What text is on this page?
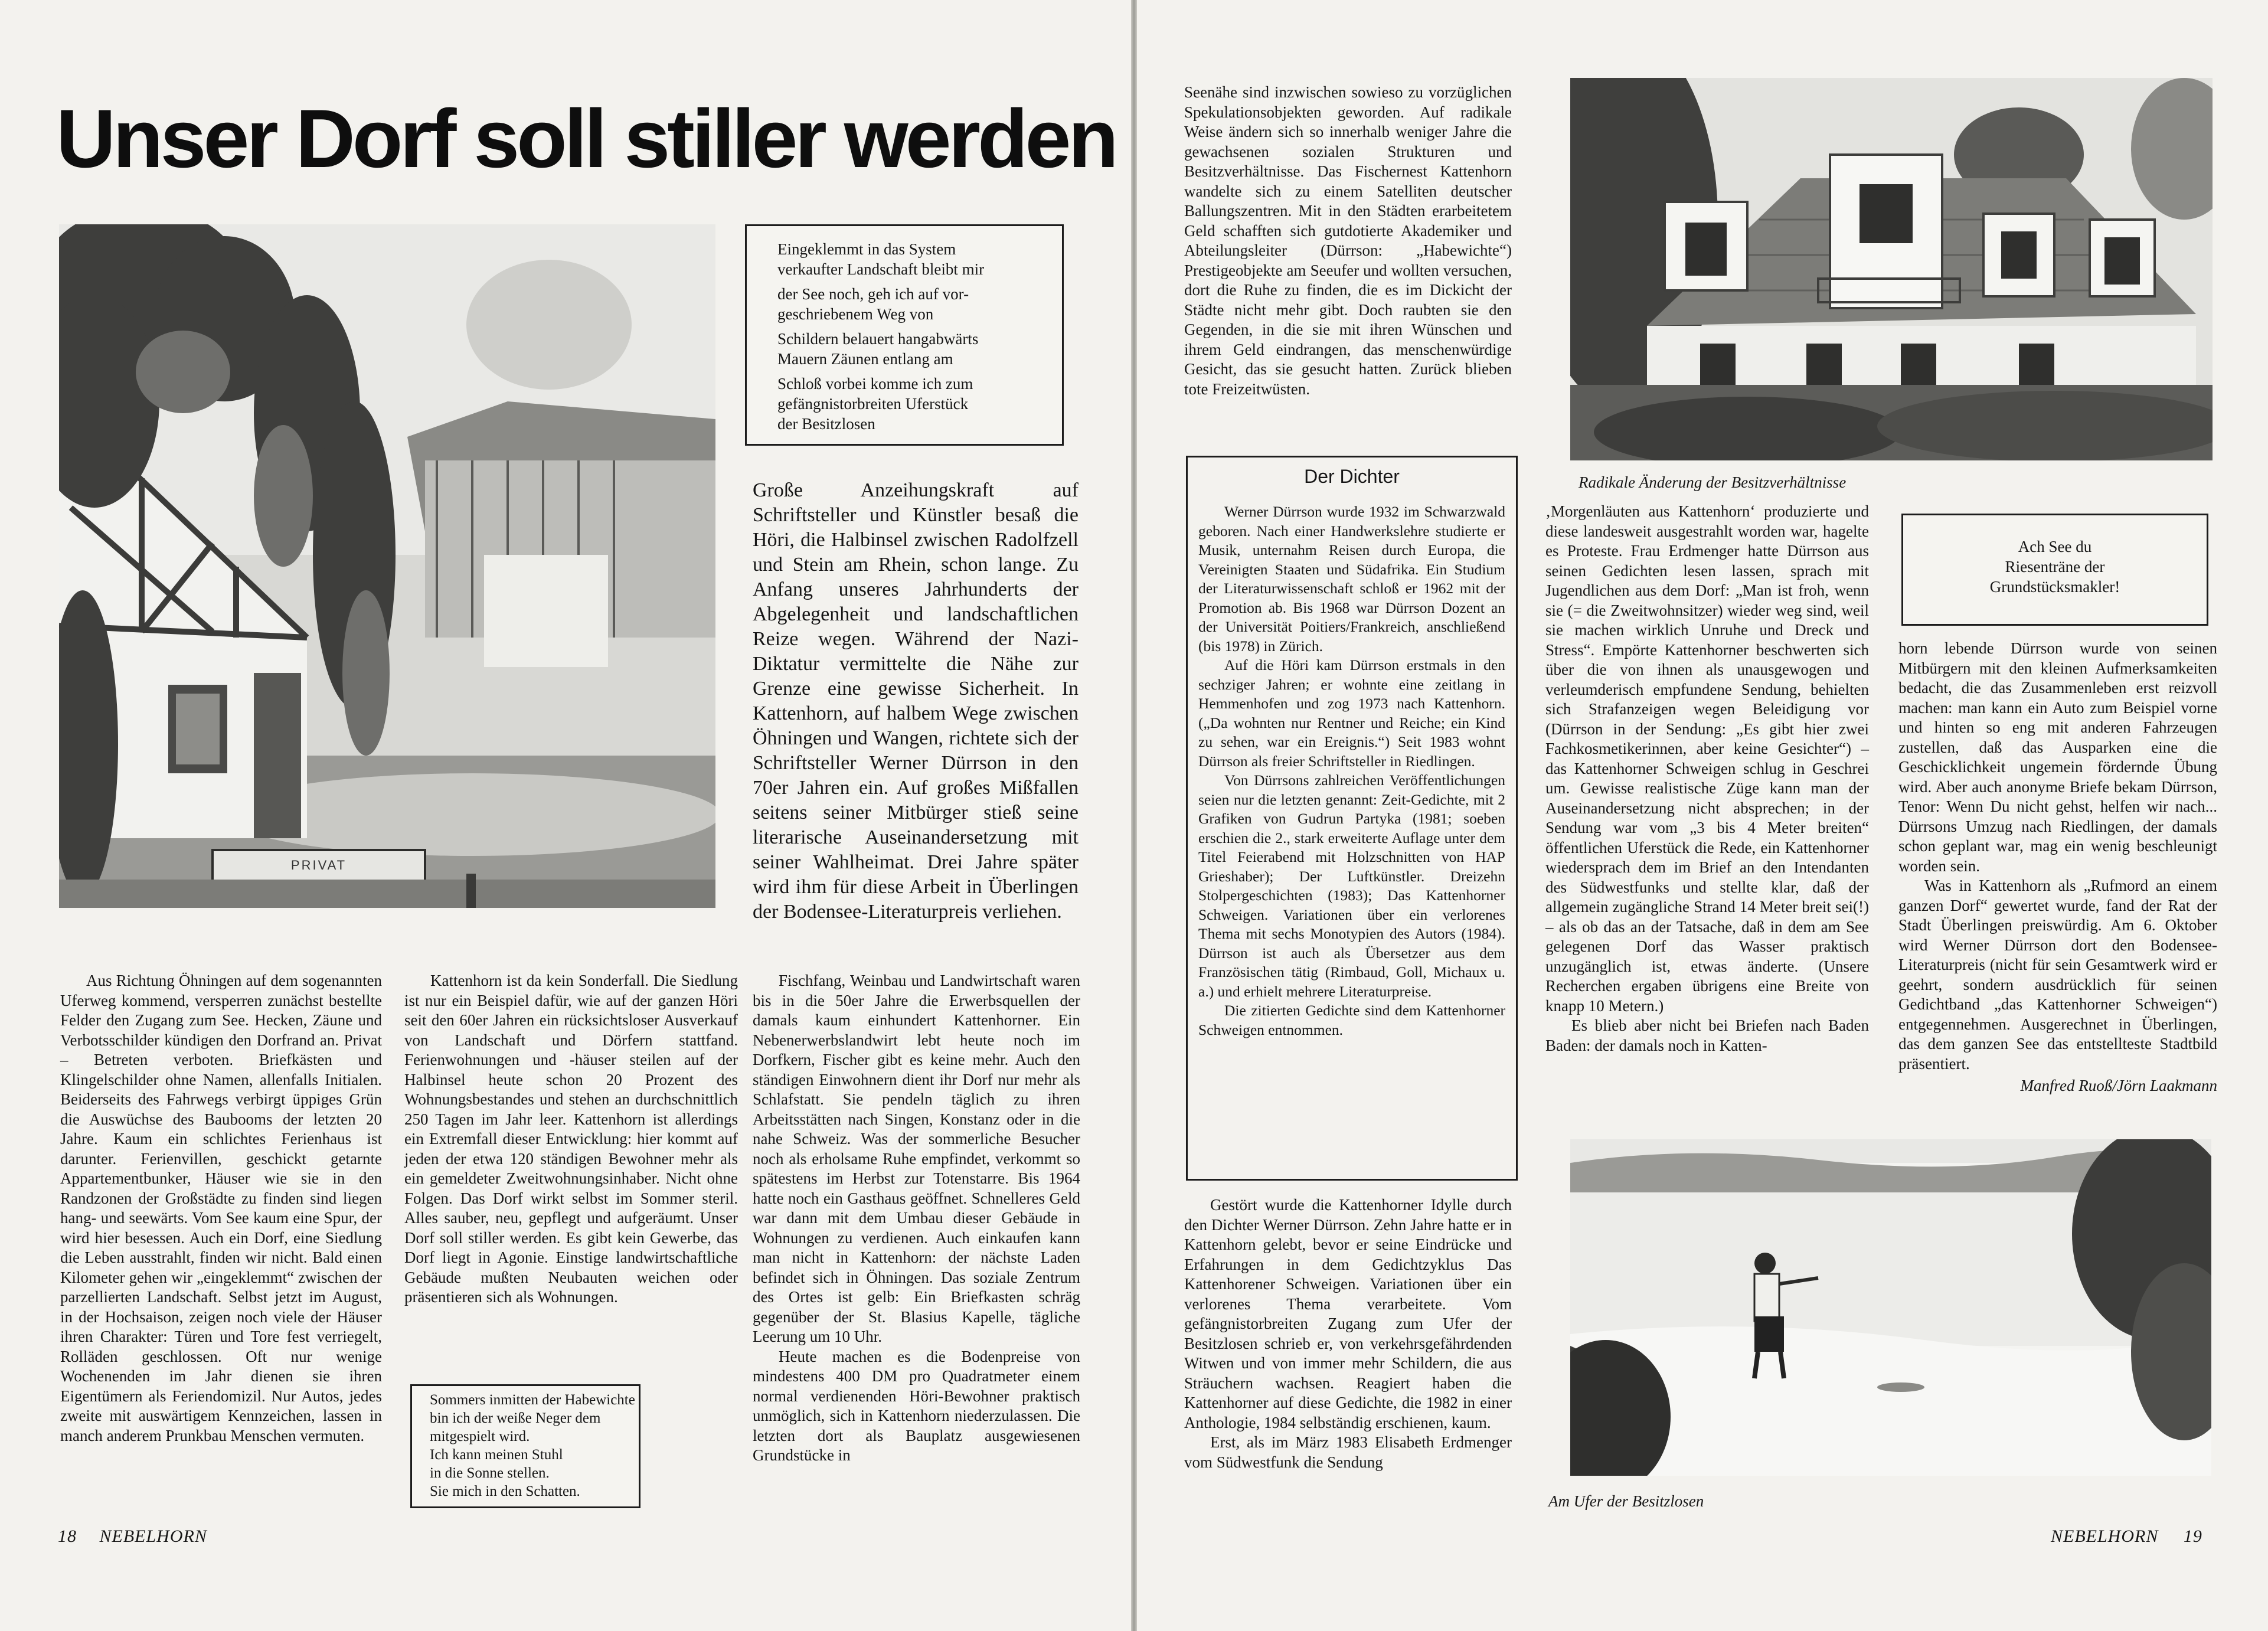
Unser Dorf soll stiller werden
PRIVAT
Eingeklemmt in das System
verkaufter Landschaft bleibt mir
der See noch, geh ich auf vor-
geschriebenem Weg von
Schildern belauert hangabwärts
Mauern Zäunen entlang am
Schloß vorbei komme ich zum
gefängnistorbreiten Uferstück
der Besitzlosen

Große Anzeihungskraft auf Schriftsteller und Künstler besaß die Höri, die Halbinsel zwischen Radolfzell und Stein am Rhein, schon lange. Zu Anfang unseres Jahrhunderts der Abgelegenheit und landschaftlichen Reize wegen. Während der Nazi-Diktatur vermittelte die Nähe zur Grenze eine gewisse Sicherheit. In Kattenhorn, auf halbem Wege zwischen Öhningen und Wangen, richtete sich der Schriftsteller Werner Dürrson in den 70er Jahren ein. Auf großes Mißfallen seitens seiner Mitbürger stieß seine literarische Auseinandersetzung mit seiner Wahlheimat. Drei Jahre später wird ihm für diese Arbeit in Überlingen der Bodensee-Literaturpreis verliehen.

Aus Richtung Öhningen auf dem sogenannten Uferweg kommend, versperren zunächst bestellte Felder den Zugang zum See. Hecken, Zäune und Verbotsschilder kündigen den Dorfrand an. Privat – Betreten verboten. Briefkästen und Klingelschilder ohne Namen, allenfalls Initialen. Beiderseits des Fahrwegs verbirgt üppiges Grün die Auswüchse des Baubooms der letzten 20 Jahre. Kaum ein schlichtes Ferienhaus ist darunter. Ferienvillen, geschickt getarnte Appartementbunker, Häuser wie sie in den Randzonen der Großstädte zu finden sind liegen hang- und seewärts. Vom See kaum eine Spur, der wird hier besessen. Auch ein Dorf, eine Siedlung die Leben ausstrahlt, finden wir nicht. Bald einen Kilometer gehen wir „eingeklemmt“ zwischen der parzellierten Landschaft. Selbst jetzt im August, in der Hochsaison, zeigen noch viele der Häuser ihren Charakter: Türen und Tore fest verriegelt, Rolläden geschlossen. Oft nur wenige Wochenenden im Jahr dienen sie ihren Eigentümern als Feriendomizil. Nur Autos, jedes zweite mit auswärtigem Kennzeichen, lassen in manch anderem Prunkbau Menschen vermuten.

Kattenhorn ist da kein Sonderfall. Die Siedlung ist nur ein Beispiel dafür, wie auf der ganzen Höri seit den 60er Jahren ein rücksichtsloser Ausverkauf von Landschaft und Dörfern stattfand. Ferienwohnungen und -häuser steilen auf der Halbinsel heute schon 20 Prozent des Wohnungsbestandes und stehen an durchschnittlich 250 Tagen im Jahr leer. Kattenhorn ist allerdings ein Extremfall dieser Entwicklung: hier kommt auf jeden der etwa 120 ständigen Bewohner mehr als ein gemeldeter Zweitwohnungsinhaber. Nicht ohne Folgen. Das Dorf wirkt selbst im Sommer steril. Alles sauber, neu, gepflegt und aufgeräumt. Unser Dorf soll stiller werden. Es gibt kein Gewerbe, das Dorf liegt in Agonie. Einstige landwirtschaftliche Gebäude mußten Neubauten weichen oder präsentieren sich als Wohnungen.

Sommers inmitten der Habewichte
bin ich der weiße Neger dem
mitgespielt wird.
Ich kann meinen Stuhl
in die Sonne stellen.
Sie mich in den Schatten.

Fischfang, Weinbau und Landwirtschaft waren bis in die 50er Jahre die Erwerbsquellen der damals kaum einhundert Kattenhorner. Ein Nebenerwerbslandwirt lebt heute noch im Dorfkern, Fischer gibt es keine mehr. Auch den ständigen Einwohnern dient ihr Dorf nur mehr als Schlafstatt. Sie pendeln täglich zu ihren Arbeitsstätten nach Singen, Konstanz oder in die nahe Schweiz. Was der sommerliche Besucher noch als erholsame Ruhe empfindet, verkommt so spätestens im Herbst zur Totenstarre. Bis 1964 hatte noch ein Gasthaus geöffnet. Schnelleres Geld war dann mit dem Umbau dieser Gebäude in Wohnungen zu verdienen. Auch einkaufen kann man nicht in Kattenhorn: der nächste Laden befindet sich in Öhningen. Das soziale Zentrum des Ortes ist gelb: Ein Briefkasten schräg gegenüber der St. Blasius Kapelle, tägliche Leerung um 10 Uhr.

Heute machen es die Bodenpreise von mindestens 400 DM pro Quadratmeter einem normal verdienenden Höri-Bewohner praktisch unmöglich, sich in Kattenhorn niederzulassen. Die letzten dort als Bauplatz ausgewiesenen Grundstücke in

18 NEBELHORN

Seenähe sind inzwischen sowieso zu vorzüglichen Spekulationsobjekten geworden. Auf radikale Weise ändern sich so innerhalb weniger Jahre die gewachsenen sozialen Strukturen und Besitzverhältnisse. Das Fischernest Kattenhorn wandelte sich zu einem Satelliten deutscher Ballungszentren. Mit in den Städten erarbeitetem Geld schafften sich gutdotierte Akademiker und Abteilungsleiter (Dürrson: „Habewichte“) Prestigeobjekte am Seeufer und wollten versuchen, dort die Ruhe zu finden, die es im Dickicht der Städte nicht mehr gibt. Doch raubten sie den Gegenden, in die sie mit ihren Wünschen und ihrem Geld eindrangen, das menschenwürdige Gesicht, das sie gesucht hatten. Zurück blieben tote Freizeitwüsten.

Der Dichter

Werner Dürrson wurde 1932 im Schwarzwald geboren. Nach einer Handwerkslehre studierte er Musik, unternahm Reisen durch Europa, die Vereinigten Staaten und Südafrika. Ein Studium der Literaturwissenschaft schloß er 1962 mit der Promotion ab. Bis 1968 war Dürrson Dozent an der Universität Poitiers/Frankreich, anschließend (bis 1978) in Zürich.

Auf die Höri kam Dürrson erstmals in den sechziger Jahren; er wohnte eine zeitlang in Hemmenhofen und zog 1973 nach Kattenhorn. („Da wohnten nur Rentner und Reiche; ein Kind zu sehen, war ein Ereignis.“) Seit 1983 wohnt Dürrson als freier Schriftsteller in Riedlingen.

Von Dürrsons zahlreichen Veröffentlichungen seien nur die letzten genannt: Zeit-Gedichte, mit 2 Grafiken von Gudrun Partyka (1981; soeben erschien die 2., stark erweiterte Auflage unter dem Titel Feierabend mit Holzschnitten von HAP Grieshaber); Der Luftkünstler. Dreizehn Stolpergeschichten (1983); Das Kattenhorner Schweigen. Variationen über ein verlorenes Thema mit sechs Monotypien des Autors (1984). Dürrson ist auch als Übersetzer aus dem Französischen tätig (Rimbaud, Goll, Michaux u. a.) und erhielt mehrere Literaturpreise.

Die zitierten Gedichte sind dem Kattenhorner Schweigen entnommen.

Gestört wurde die Kattenhorner Idylle durch den Dichter Werner Dürrson. Zehn Jahre hatte er in Kattenhorn gelebt, bevor er seine Eindrücke und Erfahrungen in dem Gedichtzyklus Das Kattenhorener Schweigen. Variationen über ein verlorenes Thema verarbeitete. Vom gefängnistorbreiten Zugang zum Ufer der Besitzlosen schrieb er, von verkehrsgefährdenden Witwen und von immer mehr Schildern, die aus Sträuchern wachsen. Reagiert haben die Kattenhorner auf diese Gedichte, die 1982 in einer Anthologie, 1984 selbständig erschienen, kaum.

Erst, als im März 1983 Elisabeth Erdmenger vom Südwestfunk die Sendung

Radikale Änderung der Besitzverhältnisse

‚Morgenläuten aus Kattenhorn‘ produzierte und diese landesweit ausgestrahlt worden war, hagelte es Proteste. Frau Erdmenger hatte Dürrson aus seinen Gedichten lesen lassen, sprach mit Jugendlichen aus dem Dorf: „Man ist froh, wenn sie (= die Zweitwohnsitzer) wieder weg sind, weil sie machen wirklich Unruhe und Dreck und Stress“. Empörte Kattenhorner beschwerten sich über die von ihnen als unausgewogen und verleumderisch empfundene Sendung, behielten sich Strafanzeigen wegen Beleidigung vor (Dürrson in der Sendung: „Es gibt hier zwei Fachkosmetikerinnen, aber keine Gesichter“) – das Kattenhorner Schweigen schlug in Geschrei um. Gewisse realistische Züge kann man der Auseinandersetzung nicht absprechen; in der Sendung war vom „3 bis 4 Meter breiten“ öffentlichen Uferstück die Rede, ein Kattenhorner wiedersprach dem im Brief an den Intendanten des Südwestfunks und stellte klar, daß der allgemein zugängliche Strand 14 Meter breit sei(!) – als ob das an der Tatsache, daß in dem am See gelegenen Dorf das Wasser praktisch unzugänglich ist, etwas änderte. (Unsere Recherchen ergaben übrigens eine Breite von knapp 10 Metern.)

Es blieb aber nicht bei Briefen nach Baden Baden: der damals noch in Katten-

Ach See du
Riesenträne der
Grundstücksmakler!

horn lebende Dürrson wurde von seinen Mitbürgern mit den kleinen Aufmerksamkeiten bedacht, die das Zusammenleben erst reizvoll machen: man kann ein Auto zum Beispiel vorne und hinten so eng mit anderen Fahrzeugen zustellen, daß das Ausparken eine die Geschicklichkeit ungemein fördernde Übung wird. Aber auch anonyme Briefe bekam Dürrson, Tenor: Wenn Du nicht gehst, helfen wir nach... Dürrsons Umzug nach Riedlingen, der damals schon geplant war, mag ein wenig beschleunigt worden sein.

Was in Kattenhorn als „Rufmord an einem ganzen Dorf“ gewertet wurde, fand der Rat der Stadt Überlingen preiswürdig. Am 6. Oktober wird Werner Dürrson dort den Bodensee-Literaturpreis (nicht für sein Gesamtwerk wird er geehrt, sondern ausdrücklich für seinen Gedichtband „das Kattenhorner Schweigen“) entgegennehmen. Ausgerechnet in Überlingen, das dem ganzen See das entstellteste Stadtbild präsentiert.

Manfred Ruoß/Jörn Laakmann

Am Ufer der Besitzlosen
NEBELHORN 19
